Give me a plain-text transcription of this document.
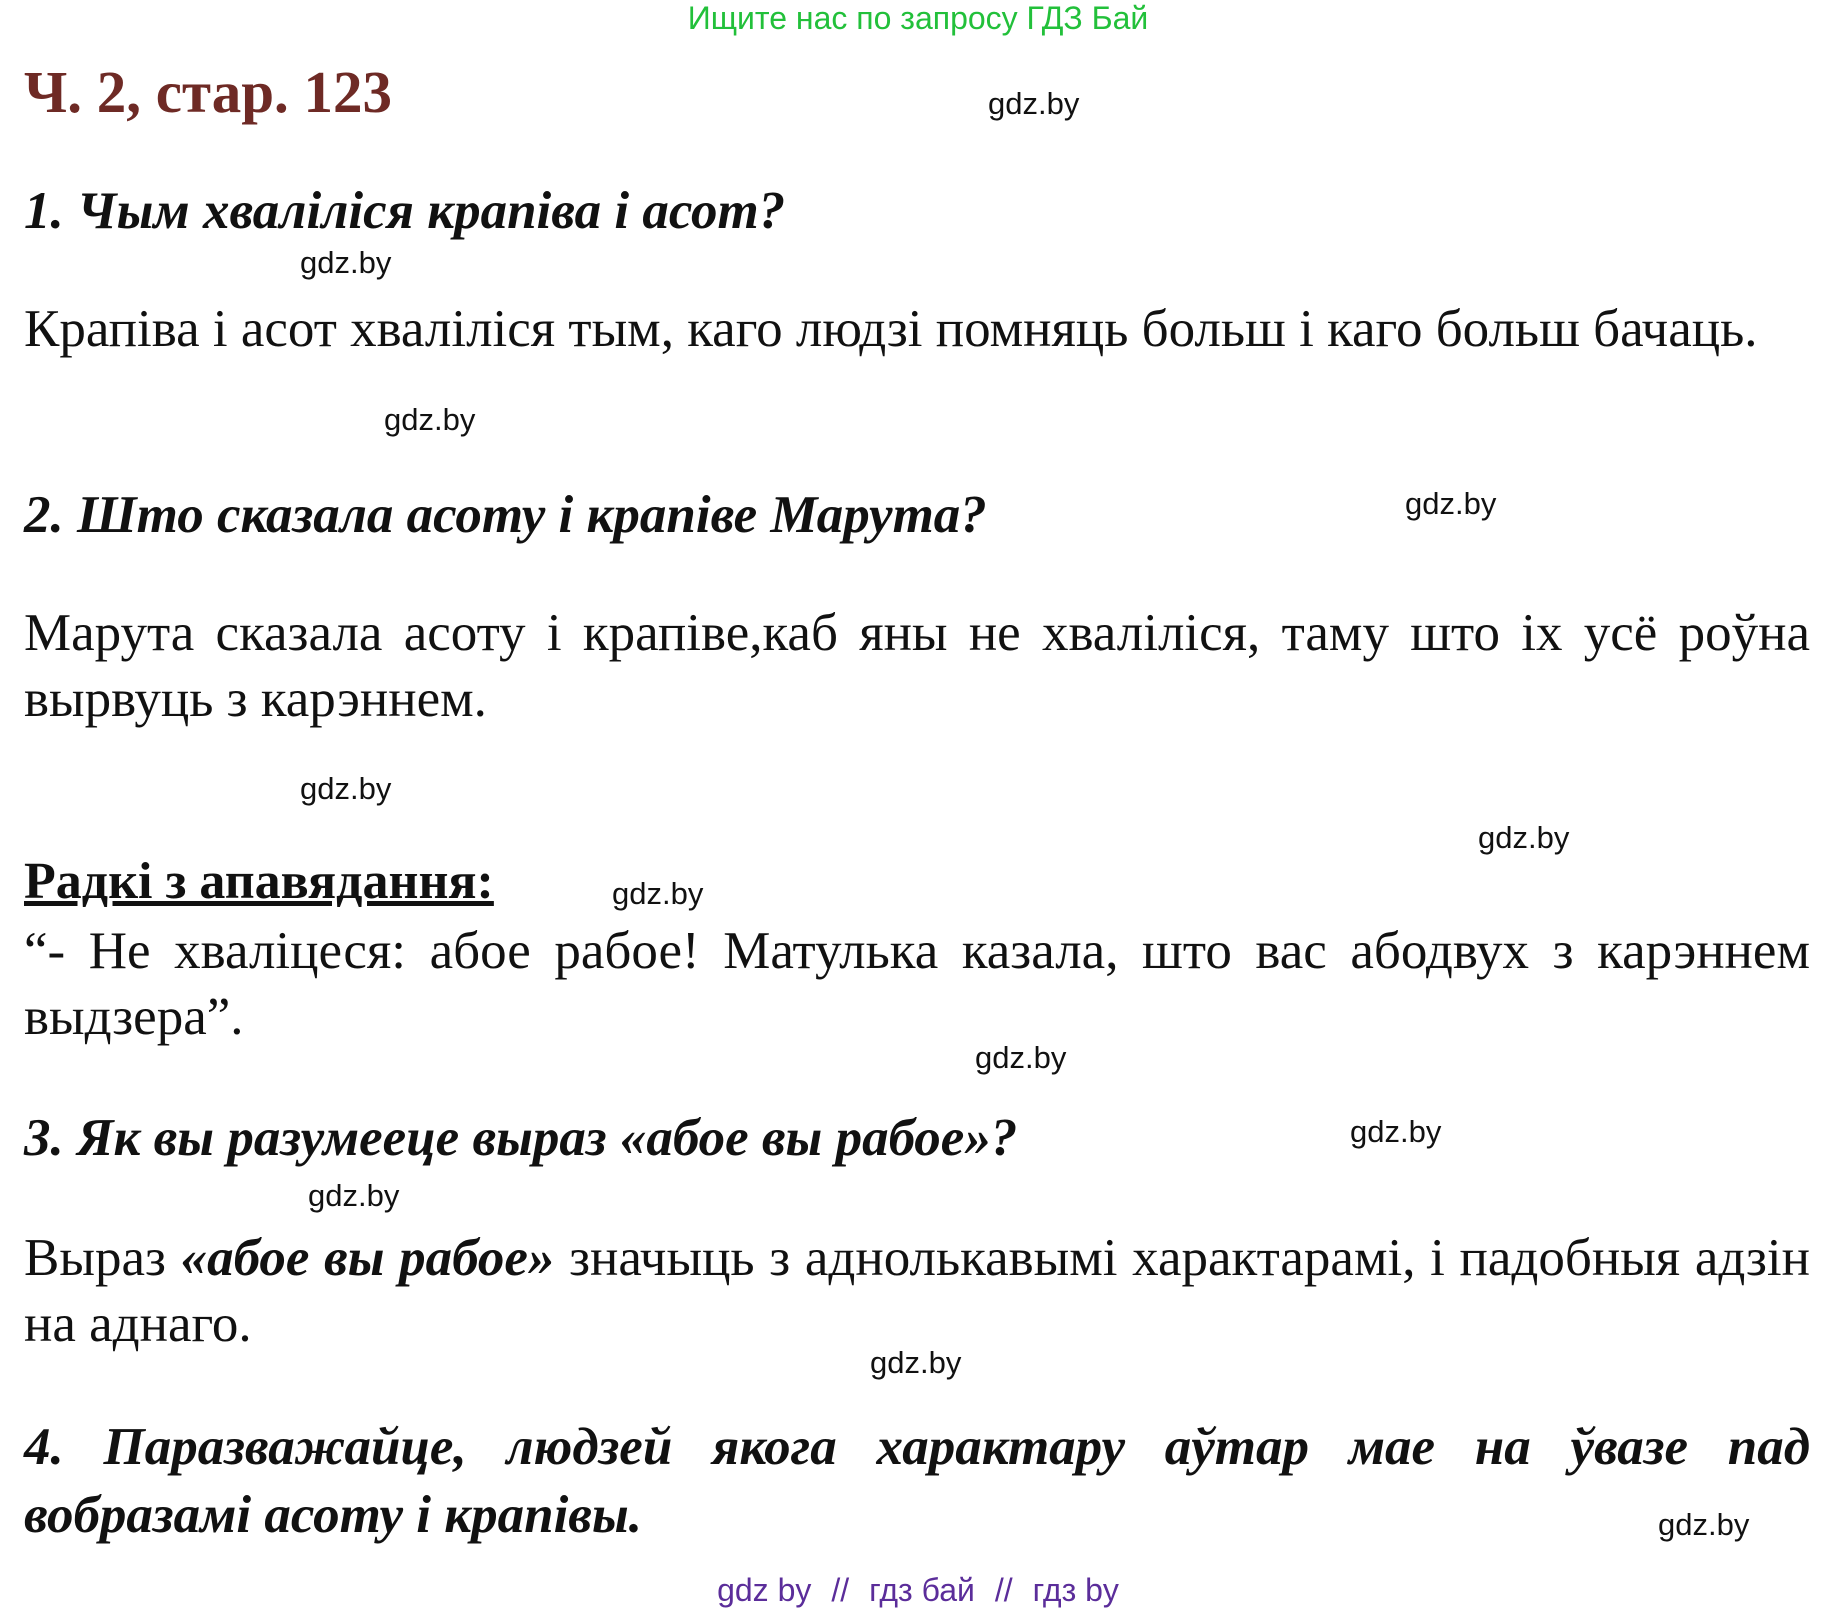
Ищите нас по запросу ГДЗ Бай
Ч. 2, стар. 123	gdz.by
1. Чым хваліліся крапіва і асот?
gdz.by
Крапіва і асот хваліліся тым, каго людзі помняць больш і каго больш бачаць.
gdz.by
2. Што сказала асоту і крапіве Марута?	gdz.by
Марута сказала асоту і крапіве,каб яны не хваліліся, таму што іх усё роўна вырвуць з карэннем.
gdz.by
gdz.by
Радкі з апавядання:	gdz.by
“- Не хваліцеся: абое рабое! Матулька казала, што вас абодвух з карэннем выдзера”.
gdz.by
3. Як вы разумееце выраз «абое вы рабое»?	gdz.by
gdz.by
Выраз «абое вы рабое» значыць з аднолькавымі характарамі, і падобныя адзін на аднаго.
gdz.by
4. Паразважайце, людзей якога характару аўтар мае на ўвазе пад вобразамі асоту і крапівы.	gdz.by
gdz by // гдз бай // гдз by
